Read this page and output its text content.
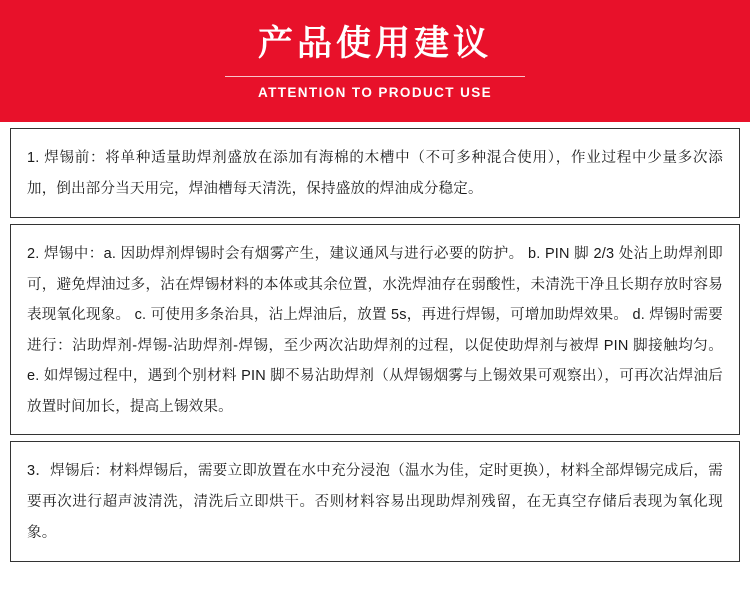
产品使用建议
ATTENTION TO PRODUCT USE

1. 焊锡前：将单种适量助焊剂盛放在添加有海棉的木槽中（不可多种混合使用），作业过程中少量多次添加，倒出部分当天用完，焊油槽每天清洗，保持盛放的焊油成分稳定。

2. 焊锡中：a. 因助焊剂焊锡时会有烟雾产生，建议通风与进行必要的防护。 b. PIN 脚 2/3 处沾上助焊剂即可，避免焊油过多，沾在焊锡材料的本体或其余位置，水洗焊油存在弱酸性，未清洗干净且长期存放时容易表现氧化现象。 c. 可使用多条治具，沾上焊油后，放置 5s，再进行焊锡，可增加助焊效果。 d. 焊锡时需要进行：沾助焊剂-焊锡-沾助焊剂-焊锡，至少两次沾助焊剂的过程，以促使助焊剂与被焊 PIN 脚接触均匀。 e. 如焊锡过程中，遇到个别材料 PIN 脚不易沾助焊剂（从焊锡烟雾与上锡效果可观察出），可再次沾焊油后放置时间加长，提高上锡效果。

3．焊锡后：材料焊锡后，需要立即放置在水中充分浸泡（温水为佳，定时更换），材料全部焊锡完成后，需要再次进行超声波清洗，清洗后立即烘干。否则材料容易出现助焊剂残留，在无真空存储后表现为氧化现象。
